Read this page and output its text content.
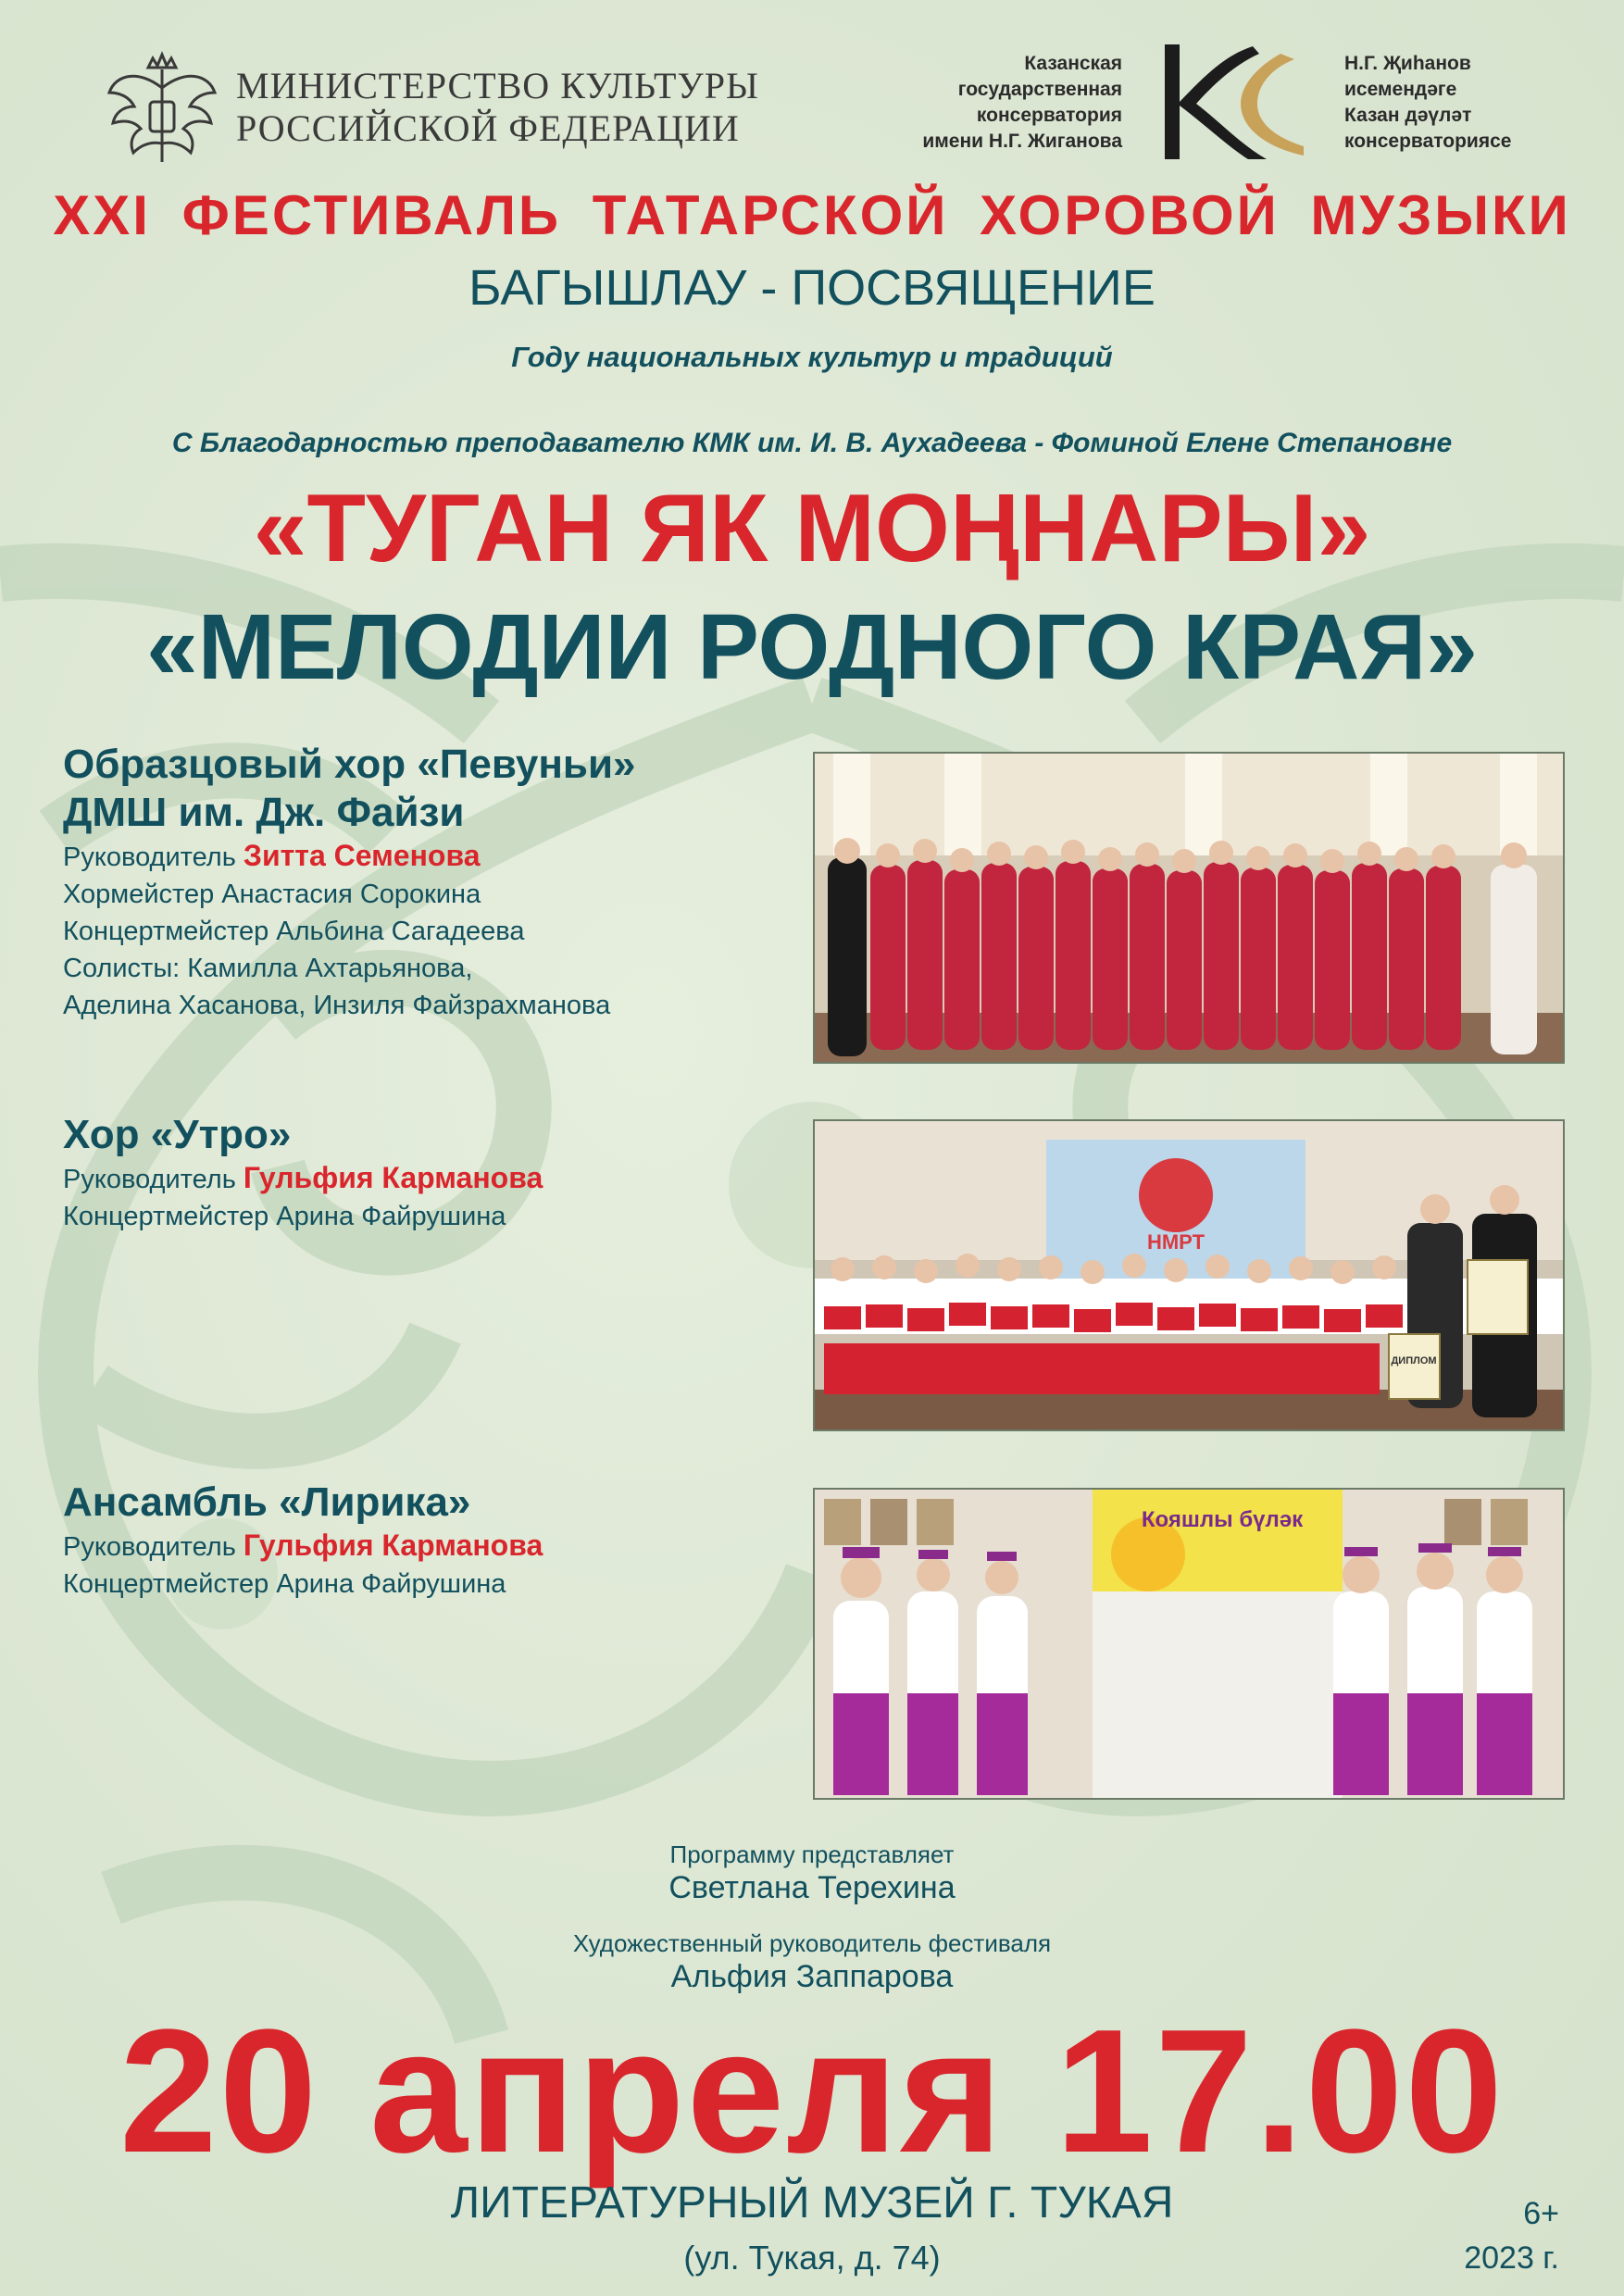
МИНИСТЕРСТВО КУЛЬТУРЫ
РОССИЙСКОЙ ФЕДЕРАЦИИ
Казанская
государственная
консерватория
имени Н.Г. Жиганова
Н.Г. Җиһанов
исемендәге
Казан дәүләт
консерваториясе
XXI ФЕСТИВАЛЬ ТАТАРСКОЙ ХОРОВОЙ МУЗЫКИ
БАГЫШЛАУ - ПОСВЯЩЕНИЕ
Году национальных культур и традиций
С Благодарностью преподавателю КМК им. И. В. Аухадеева - Фоминой Елене Степановне
«ТУГАН ЯК МОҢНАРЫ»
«МЕЛОДИИ РОДНОГО КРАЯ»
Образцовый хор «Певуньи»
ДМШ им. Дж. Файзи
Руководитель Зитта Семенова
Хормейстер Анастасия Сорокина
Концертмейстер Альбина Сагадеева
Солисты: Камилла Ахтарьянова,
Аделина Хасанова, Инзиля Файзрахманова
Хор «Утро»
Руководитель Гульфия Карманова
Концертмейстер Арина Файрушина
НМРТ
ДИПЛОМ
Ансамбль «Лирика»
Руководитель Гульфия Карманова
Концертмейстер Арина Файрушина
Кояшлы бүләк
Программу представляет
Светлана Терехина
Художественный руководитель фестиваля
Альфия Заппарова
20 апреля 17.00
ЛИТЕРАТУРНЫЙ МУЗЕЙ Г. ТУКАЯ
(ул. Тукая, д. 74)
6+
2023 г.
